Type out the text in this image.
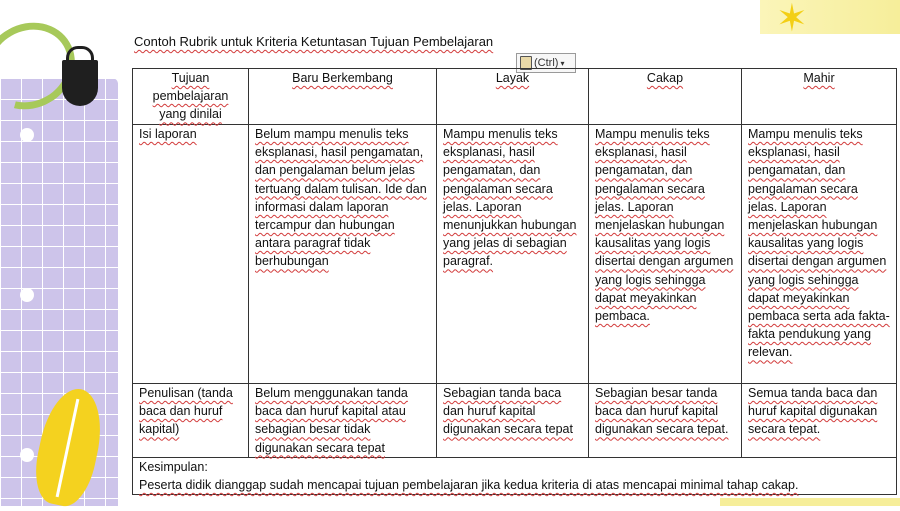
✶
Contoh Rubrik untuk Kriteria Ketuntasan Tujuan Pembelajaran
(Ctrl) ▾
Tujuan pembelajaran yang dinilai	Baru Berkembang	Layak	Cakap	Mahir
Isi laporan	Belum mampu menulis teks eksplanasi, hasil pengamatan, dan pengalaman belum jelas tertuang dalam tulisan. Ide dan informasi dalam laporan tercampur dan hubungan antara paragraf tidak berhubungan	Mampu menulis teks eksplanasi, hasil pengamatan, dan pengalaman secara jelas. Laporan menunjukkan hubungan yang jelas di sebagian paragraf.	Mampu menulis teks eksplanasi, hasil pengamatan, dan pengalaman secara jelas. Laporan menjelaskan hubungan kausalitas yang logis disertai dengan argumen yang logis sehingga dapat meyakinkan pembaca.	Mampu menulis teks eksplanasi, hasil pengamatan, dan pengalaman secara jelas. Laporan menjelaskan hubungan kausalitas yang logis disertai dengan argumen yang logis sehingga dapat meyakinkan pembaca serta ada fakta-fakta pendukung yang relevan.
Penulisan (tanda baca dan huruf kapital)	Belum menggunakan tanda baca dan huruf kapital atau sebagian besar tidak digunakan secara tepat	Sebagian tanda baca dan huruf kapital digunakan secara tepat	Sebagian besar tanda baca dan huruf kapital digunakan secara tepat.	Semua tanda baca dan huruf kapital digunakan secara tepat.

Kesimpulan:
Peserta didik dianggap sudah mencapai tujuan pembelajaran jika kedua kriteria di atas mencapai minimal tahap cakap.				
